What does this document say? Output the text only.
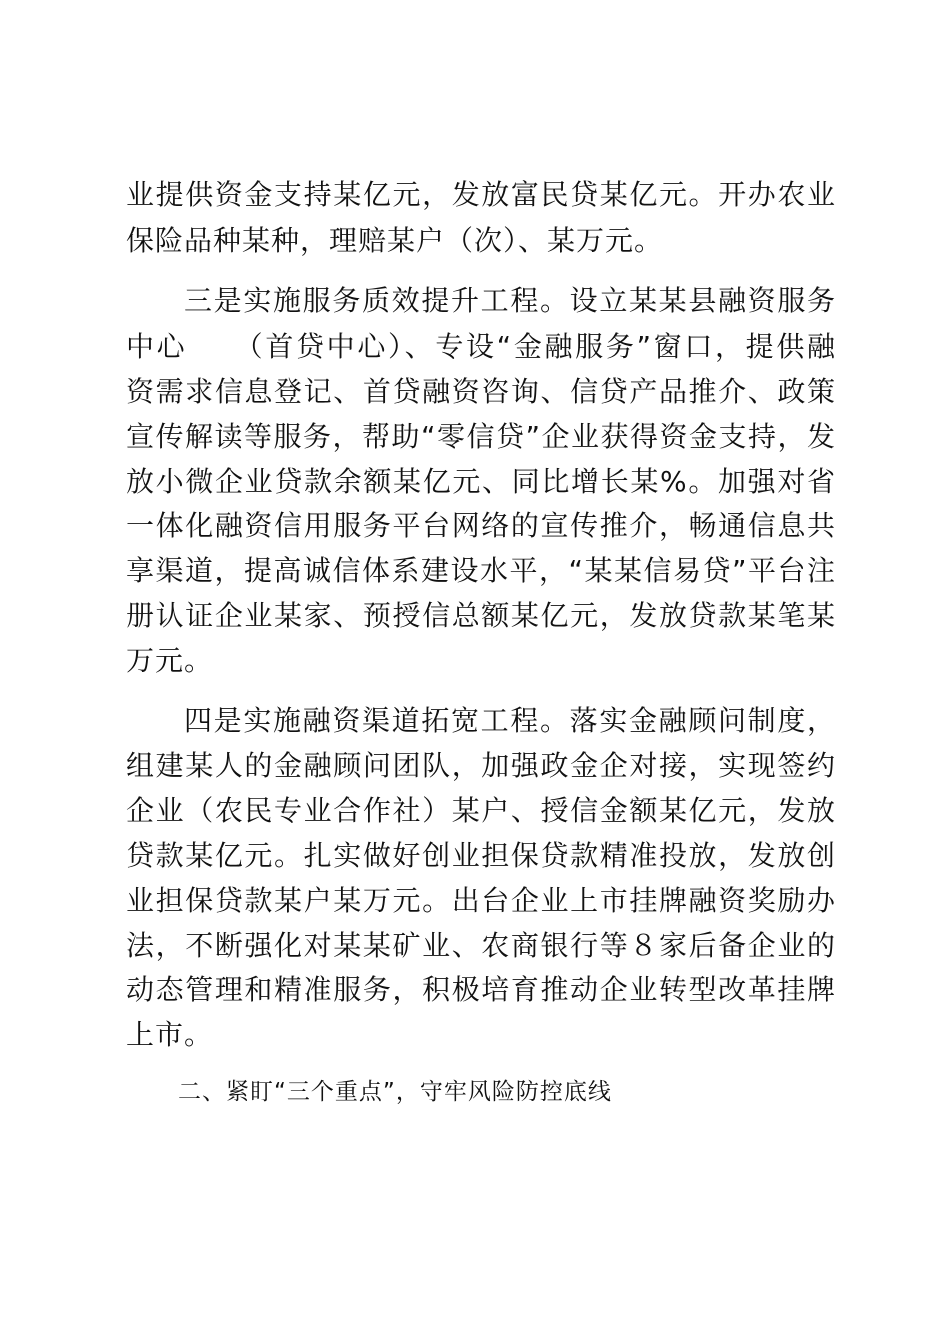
业提供资金支持某亿元，发放富民贷某亿元。开办农业
保险品种某种，理赔某户（次）、某万元。
三是实施服务质效提升工程。设立某某县融资服务
中心　　（首贷中心）、专设“金融服务”窗口，提供融
资需求信息登记、首贷融资咨询、信贷产品推介、政策
宣传解读等服务，帮助“零信贷”企业获得资金支持，发
放小微企业贷款余额某亿元、同比增长某%。加强对省
一体化融资信用服务平台网络的宣传推介，畅通信息共
享渠道，提高诚信体系建设水平，“某某信易贷”平台注
册认证企业某家、预授信总额某亿元，发放贷款某笔某
万元。
四是实施融资渠道拓宽工程。落实金融顾问制度，
组建某人的金融顾问团队，加强政金企对接，实现签约
企业（农民专业合作社）某户、授信金额某亿元，发放
贷款某亿元。扎实做好创业担保贷款精准投放，发放创
业担保贷款某户某万元。出台企业上市挂牌融资奖励办
法，不断强化对某某矿业、农商银行等８家后备企业的
动态管理和精准服务，积极培育推动企业转型改革挂牌
上市。
二、紧盯“三个重点”，守牢风险防控底线
